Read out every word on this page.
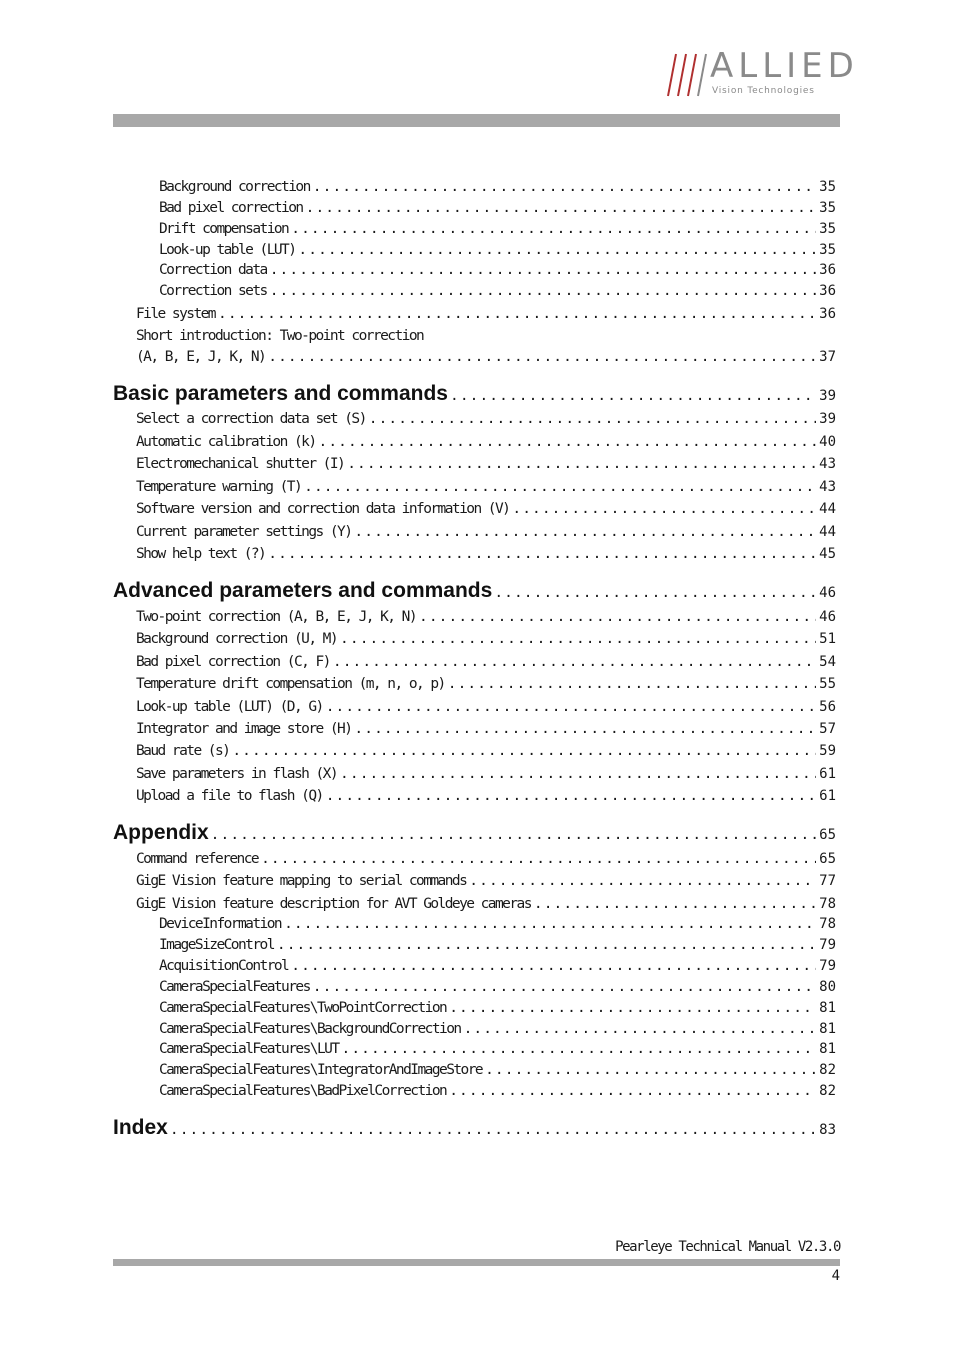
ALLIED
Vision Technologies
Background correction .....	35
Bad pixel correction .....	35
Drift compensation .....	35
Look-up table (LUT) .....	35
Correction data .....	36
Correction sets .....	36
File system .....	36
Short introduction: Two-point correction
(A, B, E, J, K, N) .....	37
Basic parameters and commands .....	39
Select a correction data set (S) .....	39
Automatic calibration (k) .....	40
Electromechanical shutter (I) .....	43
Temperature warning (T) .....	43
Software version and correction data information (V) .....	44
Current parameter settings (Y) .....	44
Show help text (?) .....	45
Advanced parameters and commands .....	46
Two-point correction (A, B, E, J, K, N) .....	46
Background correction (U, M) .....	51
Bad pixel correction (C, F) .....	54
Temperature drift compensation (m, n, o, p) .....	55
Look-up table (LUT) (D, G) .....	56
Integrator and image store (H) .....	57
Baud rate (s) .....	59
Save parameters in flash (X) .....	61
Upload a file to flash (Q) .....	61
Appendix .....	65
Command reference .....	65
GigE Vision feature mapping to serial commands .....	77
GigE Vision feature description for AVT Goldeye cameras .....	78
DeviceInformation .....	78
ImageSizeControl .....	79
AcquisitionControl .....	79
CameraSpecialFeatures .....	80
CameraSpecialFeatures\TwoPointCorrection .....	81
CameraSpecialFeatures\BackgroundCorrection .....	81
CameraSpecialFeatures\LUT .....	81
CameraSpecialFeatures\IntegratorAndImageStore .....	82
CameraSpecialFeatures\BadPixelCorrection .....	82
Index .....	83
Pearleye Technical Manual V2.3.0
4
